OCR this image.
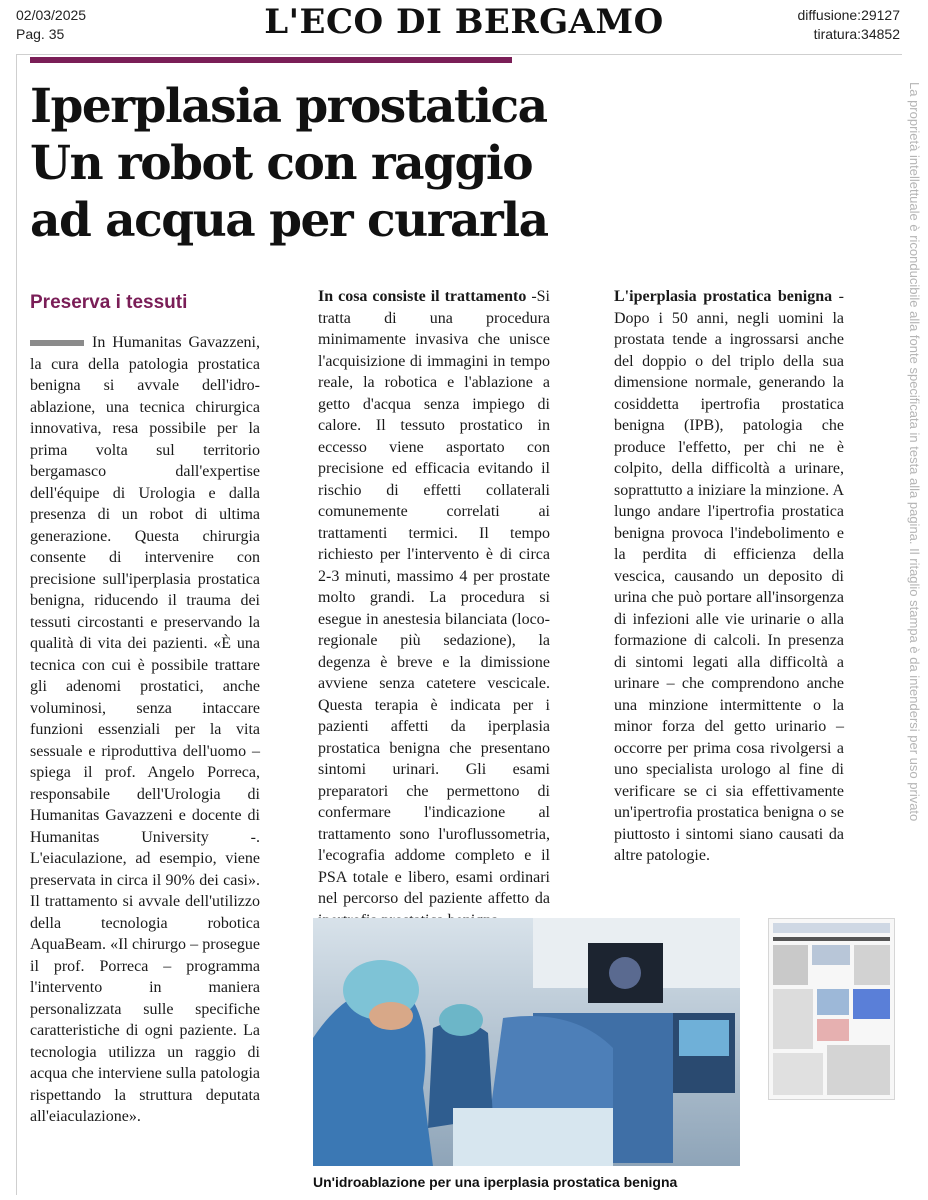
02/03/2025
Pag. 35	L'ECO DI BERGAMO	diffusione:29127
tiratura:34852
Iperplasia prostatica
Un robot con raggio
ad acqua per curarla
Preserva i tessuti
In Humanitas Gavazzeni, la cura della patologia prostatica benigna si avvale dell'idro-ablazione, una tecnica chirurgica innovativa, resa possibile per la prima volta sul territorio bergamasco dall'expertise dell'équipe di Urologia e dalla presenza di un robot di ultima generazione. Questa chirurgia consente di intervenire con precisione sull'iperplasia prostatica benigna, riducendo il trauma dei tessuti circostanti e preservando la qualità di vita dei pazienti. «È una tecnica con cui è possibile trattare gli adenomi prostatici, anche voluminosi, senza intaccare funzioni essenziali per la vita sessuale e riproduttiva dell'uomo – spiega il prof. Angelo Porreca, responsabile dell'Urologia di Humanitas Gavazzeni e docente di Humanitas University -. L'eiaculazione, ad esempio, viene preservata in circa il 90% dei casi». Il trattamento si avvale dell'utilizzo della tecnologia robotica AquaBeam. «Il chirurgo – prosegue il prof. Porreca – programma l'intervento in maniera personalizzata sulle specifiche caratteristiche di ogni paziente. La tecnologia utilizza un raggio di acqua che interviene sulla patologia rispettando la struttura deputata all'eiaculazione».
In cosa consiste il trattamento -Si tratta di una procedura minimamente invasiva che unisce l'acquisizione di immagini in tempo reale, la robotica e l'ablazione a getto d'acqua senza impiego di calore. Il tessuto prostatico in eccesso viene asportato con precisione ed efficacia evitando il rischio di effetti collaterali comunemente correlati ai trattamenti termici. Il tempo richiesto per l'intervento è di circa 2-3 minuti, massimo 4 per prostate molto grandi. La procedura si esegue in anestesia bilanciata (loco-regionale più sedazione), la degenza è breve e la dimissione avviene senza catetere vescicale. Questa terapia è indicata per i pazienti affetti da iperplasia prostatica benigna che presentano sintomi urinari. Gli esami preparatori che permettono di confermare l'indicazione al trattamento sono l'uroflussometria, l'ecografia addome completo e il PSA totale e libero, esami ordinari nel percorso del paziente affetto da
L'iperplasia prostatica benigna - Dopo i 50 anni, negli uomini la prostata tende a ingrossarsi anche del doppio o del triplo della sua dimensione normale, generando la cosiddetta ipertrofia prostatica benigna (IPB), patologia che produce l'effetto, per chi ne è colpito, della difficoltà a urinare, soprattutto a iniziare la minzione. A lungo andare l'ipertrofia prostatica benigna provoca l'indebolimento e la perdita di efficienza della vescica, causando un deposito di urina che può portare all'insorgenza di infezioni alle vie urinarie o alla formazione di calcoli. In presenza di sintomi legati alla difficoltà a urinare – che comprendono anche una minzione intermittente o la minor forza del getto urinario – occorre per prima cosa rivolgersi a uno specialista urologo al fine di verificare se ci sia effettivamente un'ipertrofia prostatica benigna o se piuttosto i sintomi siano causati da altre patologie.
Un'idroablazione per una iperplasia prostatica benigna
La proprietà intellettuale è riconducibile alla fonte specificata in testa alla pagina. Il ritaglio stampa è da intendersi per uso privato
